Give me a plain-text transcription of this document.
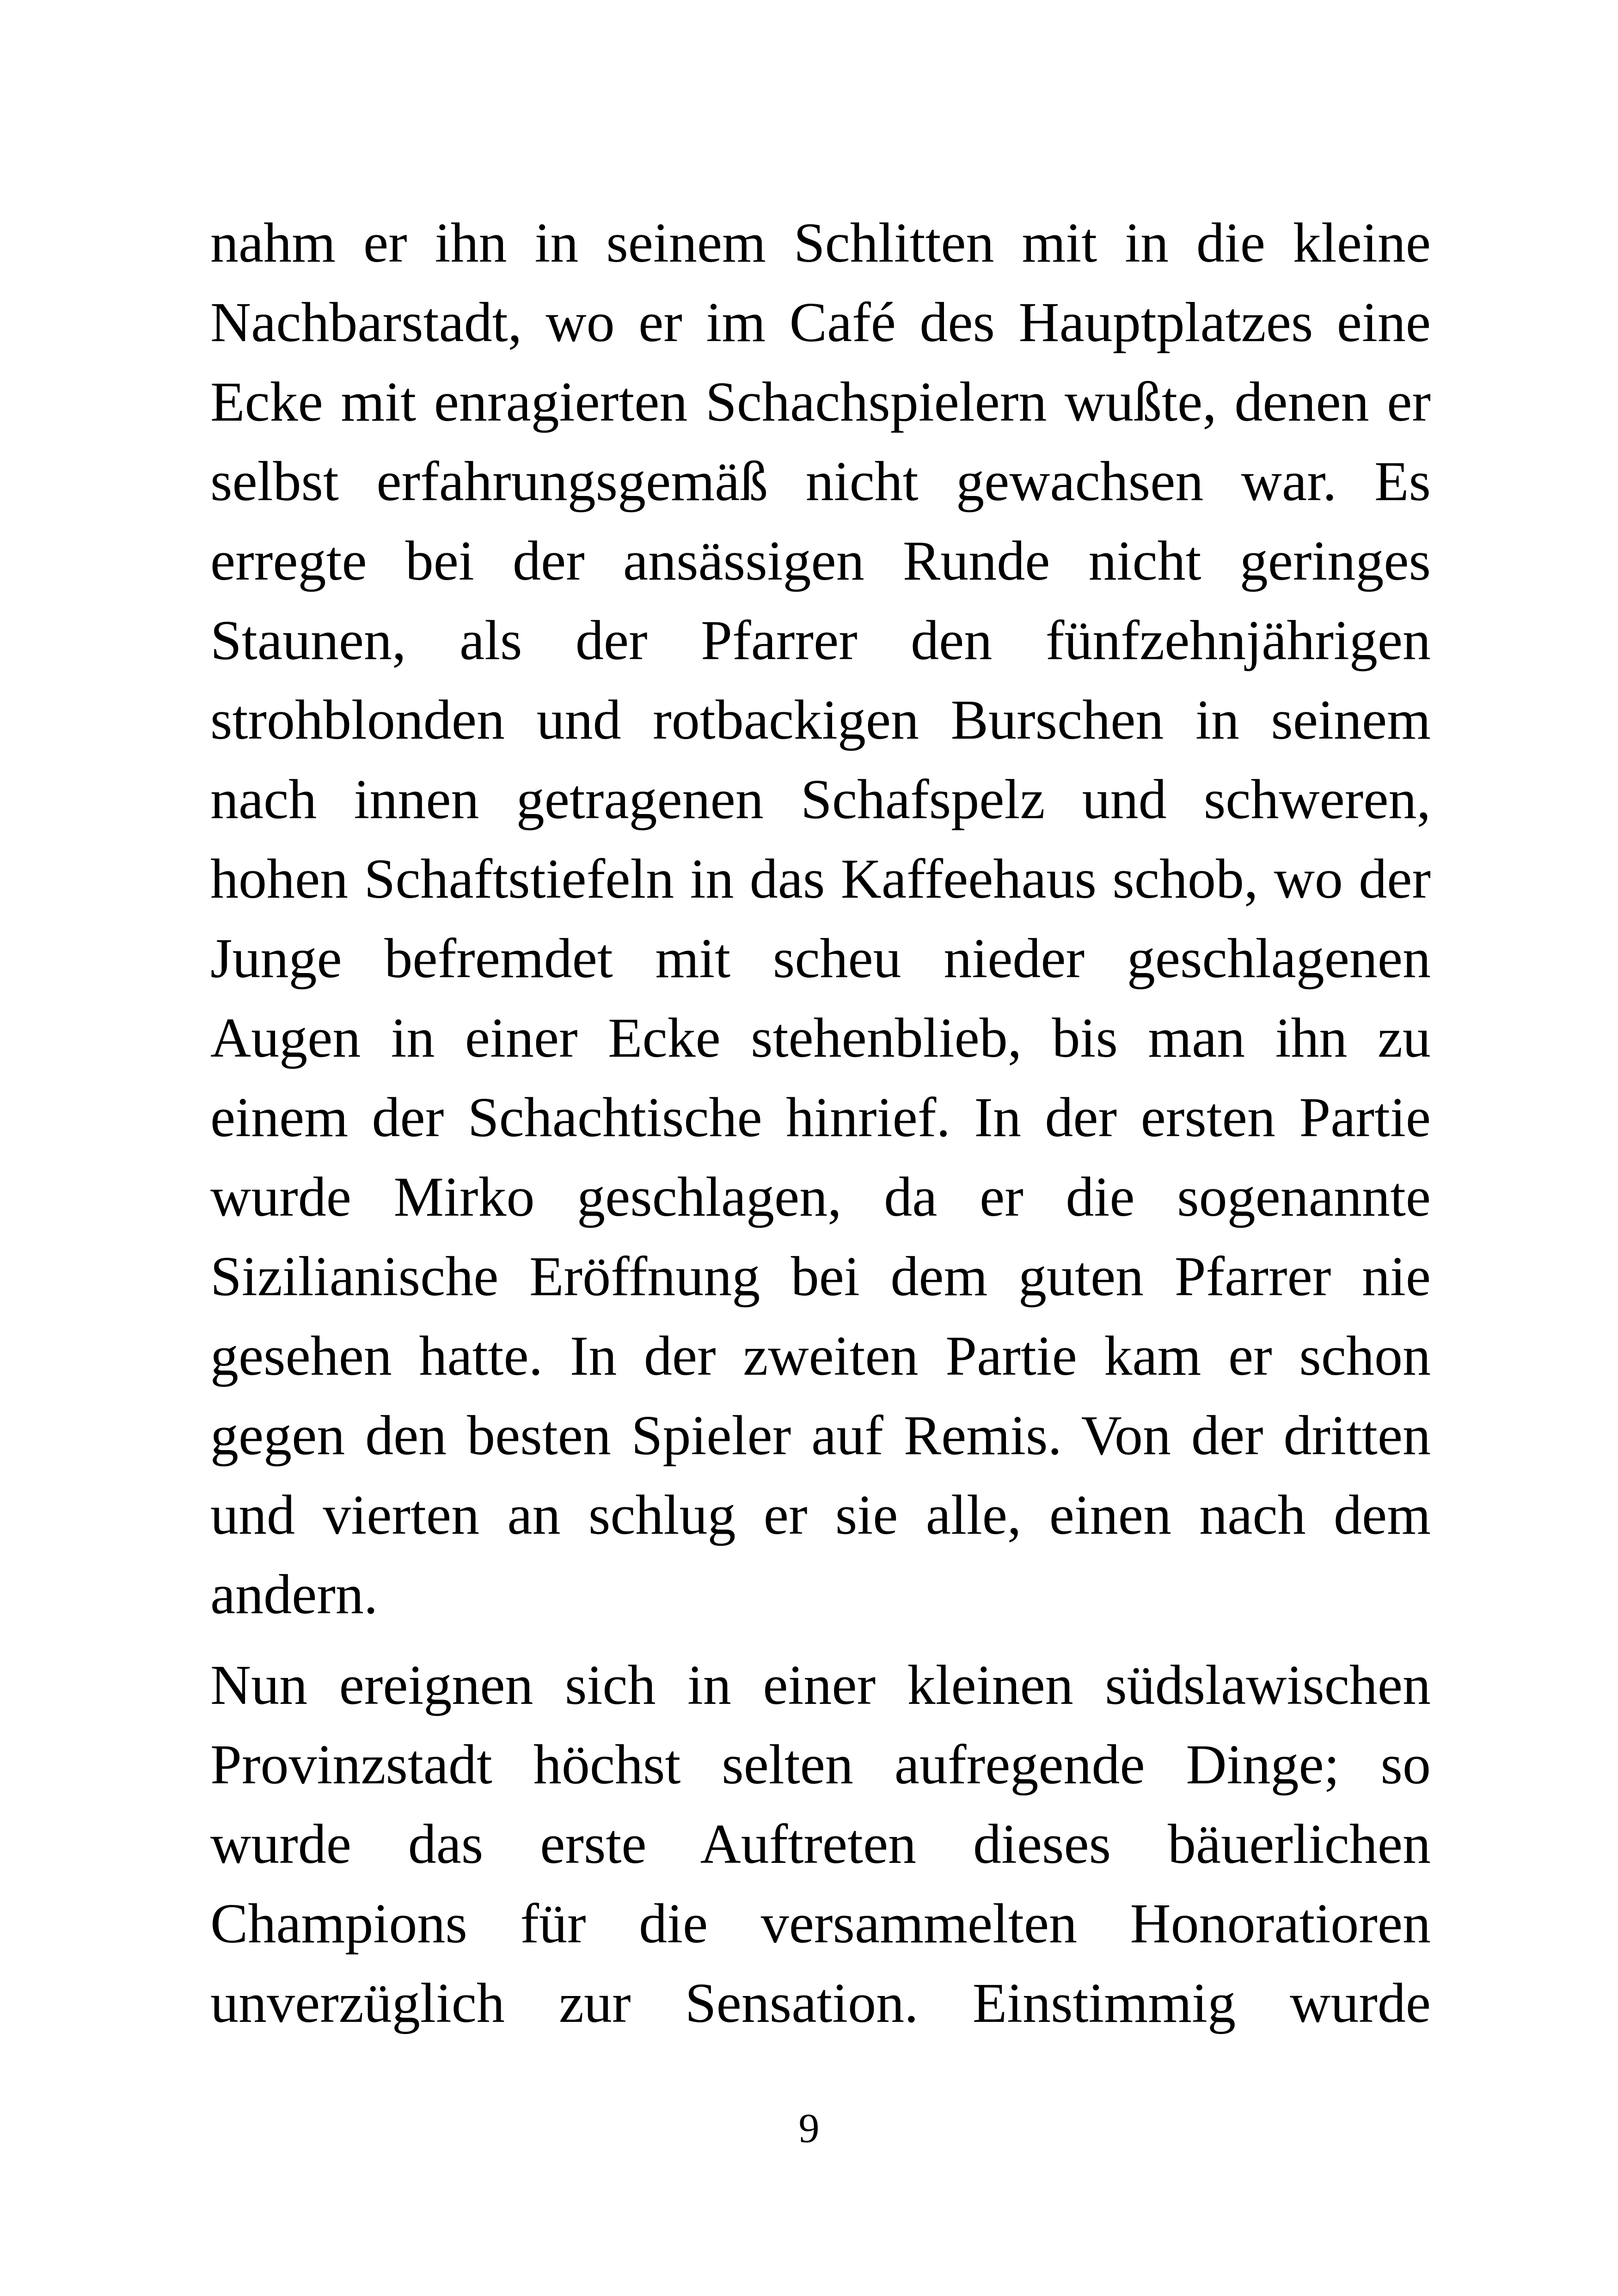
nahm er ihn in seinem Schlitten mit in die kleine
Nachbarstadt, wo er im Café des Hauptplatzes eine
Ecke mit enragierten Schachspielern wußte, denen er
selbst erfahrungsgemäß nicht gewachsen war. Es
erregte bei der ansässigen Runde nicht geringes
Staunen, als der Pfarrer den fünfzehnjährigen
strohblonden und rotbackigen Burschen in seinem
nach innen getragenen Schafspelz und schweren,
hohen Schaftstiefeln in das Kaffeehaus schob, wo der
Junge befremdet mit scheu nieder geschlagenen
Augen in einer Ecke stehenblieb, bis man ihn zu
einem der Schachtische hinrief. In der ersten Partie
wurde Mirko geschlagen, da er die sogenannte
Sizilianische Eröffnung bei dem guten Pfarrer nie
gesehen hatte. In der zweiten Partie kam er schon
gegen den besten Spieler auf Remis. Von der dritten
und vierten an schlug er sie alle, einen nach dem
andern.
Nun ereignen sich in einer kleinen südslawischen
Provinzstadt höchst selten aufregende Dinge; so
wurde das erste Auftreten dieses bäuerlichen
Champions für die versammelten Honoratioren
unverzüglich zur Sensation. Einstimmig wurde
9
